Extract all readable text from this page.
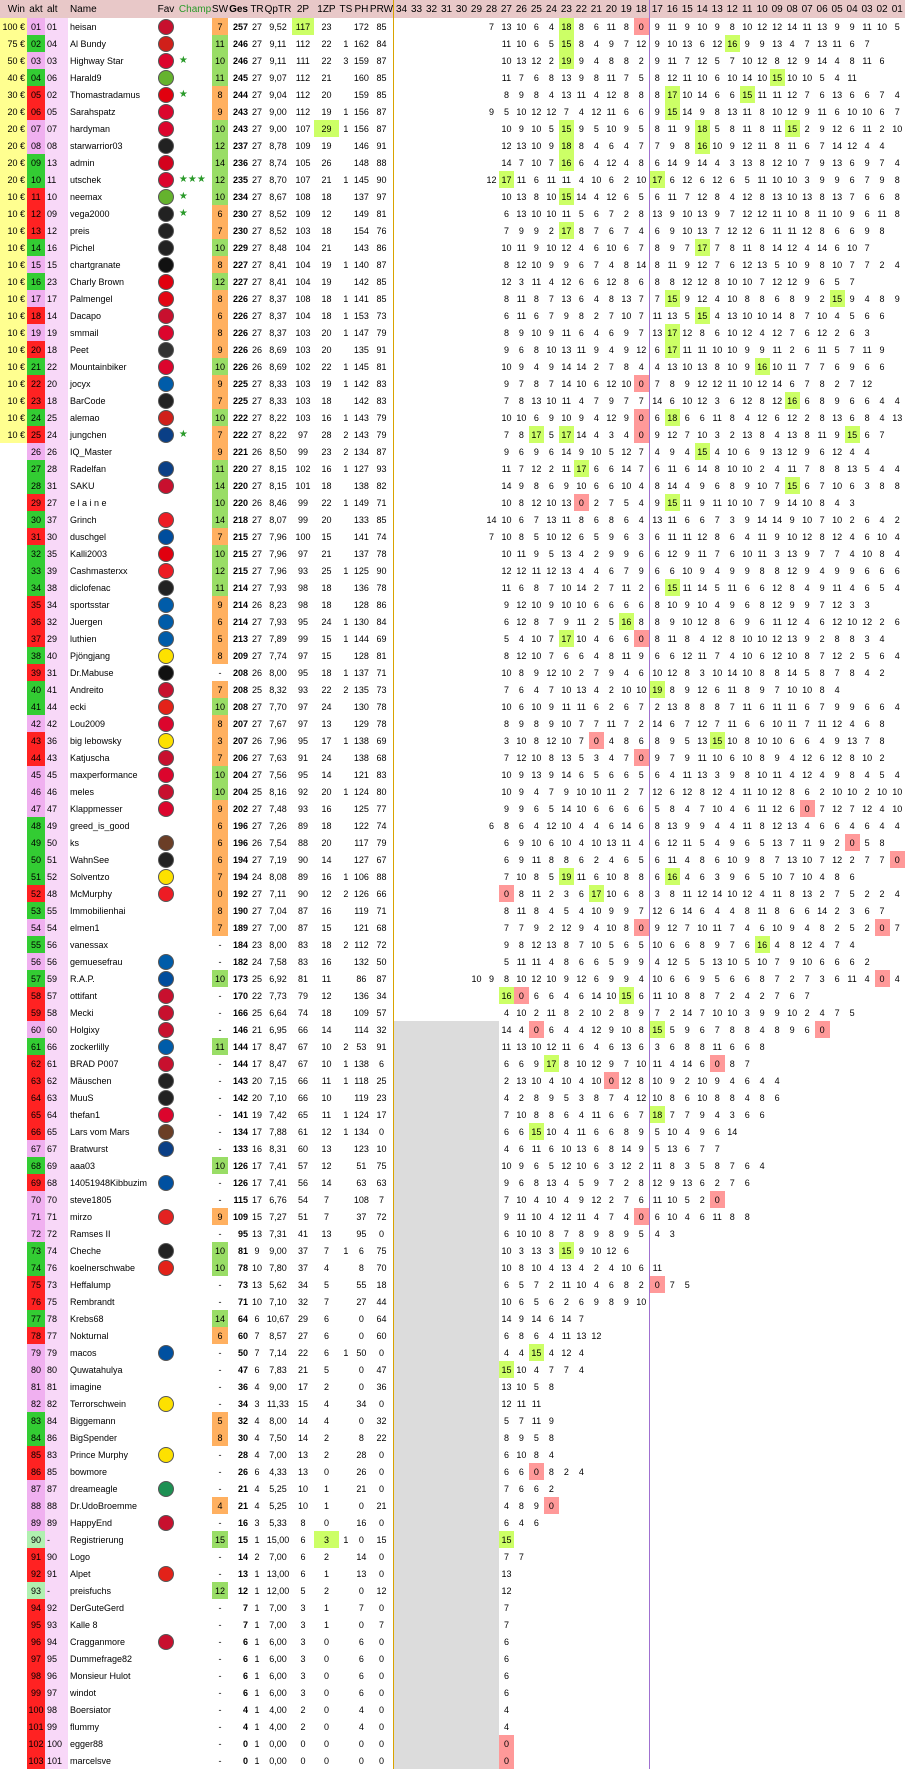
Win	akt	alt	Name	Fav	Champ	SW	Ges	TR	QpTR	2P	1ZP	TS	PH	PRW	34	33	32	31	30	29	28	27	26	25	24	23	22	21	20	19	18	17	16	15	14	13	12	11	10	09	08	07	06	05	04	03	02	01
100 €	01	01	heisan			7	257	27	9,52	117	23		172	85							7	13	10	6	4	18	8	6	11	8	0	9	11	9	10	9	8	10	12	12	14	11	13	9	9	11	10	5
75 €	02	04	Al Bundy			11	246	27	9,11	112	22	1	162	84								11	10	6	5	15	8	4	9	7	12	9	10	13	6	12	16	9	9	13	4	7	13	11	6	7		
50 €	03	03	Highway Star		★	10	246	27	9,11	111	22	3	159	87								10	13	12	2	19	9	4	8	8	2	9	11	7	12	5	7	10	12	8	12	9	14	4	8	11	6	
40 €	04	06	Harald9			11	245	27	9,07	112	21		160	85								11	7	6	8	13	9	8	11	7	5	8	12	11	10	6	10	14	10	15	10	10	5	4	11			
30 €	05	02	Thomastradamus		★	8	244	27	9,04	112	20		159	85								8	9	8	4	13	11	4	12	8	8	8	17	10	14	6	6	15	11	11	12	7	6	13	6	6	7	4
20 €	06	05	Sarahspatz			9	243	27	9,00	112	19	1	156	87							9	5	10	12	12	7	4	12	11	6	6	9	15	14	9	8	13	11	8	10	12	9	11	6	10	10	6	7
20 €	07	07	hardyman			10	243	27	9,00	107	29	1	156	87								10	9	10	5	15	9	5	10	9	5	8	11	9	18	5	8	11	8	11	15	2	9	12	6	11	2	10
20 €	08	08	starwarrior03			12	237	27	8,78	109	19		146	91								12	13	10	9	18	8	4	6	4	7	7	9	8	16	10	9	12	11	8	11	6	7	14	12	4	4	
20 €	09	13	admin			14	236	27	8,74	105	26		148	88								14	7	10	7	16	6	4	12	4	8	6	14	9	14	4	3	13	8	12	10	7	9	13	6	9	7	4
20 €	10	11	utschek		★★★	12	235	27	8,70	107	21	1	145	90							12	17	11	6	11	11	4	10	6	2	10	17	6	12	6	12	6	5	11	10	10	3	9	9	6	7	9	8
10 €	11	10	neemax		★	10	234	27	8,67	108	18		137	97								10	13	8	10	15	14	4	12	6	5	6	11	7	12	8	4	12	8	13	10	13	8	13	7	6	6	8
10 €	12	09	vega2000		★	6	230	27	8,52	109	12		149	81								6	13	10	10	11	5	6	7	2	8	13	9	10	13	9	7	12	12	11	10	8	11	10	9	6	11	8
10 €	13	12	preis			7	230	27	8,52	103	18		154	76								7	9	9	2	17	8	7	6	7	4	6	9	10	13	7	12	12	6	11	11	12	8	6	6	9	8	
10 €	14	16	Pichel			10	229	27	8,48	104	21		143	86								10	11	9	10	12	4	6	10	6	7	8	9	7	17	7	8	11	8	14	12	4	14	6	10	7		
10 €	15	15	chartgranate			8	227	27	8,41	104	19	1	140	87								8	12	10	9	9	6	7	4	8	14	8	11	9	12	7	6	12	13	5	10	9	8	10	7	7	2	4
10 €	16	23	Charly Brown			12	227	27	8,41	104	19		142	85								12	3	11	4	12	6	6	12	8	6	8	8	12	12	8	10	10	7	12	12	9	6	5	7			
10 €	17	17	Palmengel			8	226	27	8,37	108	18	1	141	85								8	11	8	7	13	6	4	8	13	7	7	15	9	12	4	10	8	8	6	8	9	2	15	9	4	8	9
10 €	18	14	Dacapo			6	226	27	8,37	104	18	1	153	73								6	11	6	7	9	8	2	7	10	7	11	13	5	15	4	13	10	10	14	8	7	10	4	5	6	6	
10 €	19	19	smmail			8	226	27	8,37	103	20	1	147	79								8	9	10	9	11	6	4	6	9	7	13	17	12	8	6	10	12	4	12	7	6	12	2	6	3		
10 €	20	18	Peet			9	226	26	8,69	103	20		135	91								9	6	8	10	13	11	9	4	9	12	6	17	11	11	10	10	9	9	11	2	6	11	5	7	11	9	
10 €	21	22	Mountainbiker			10	226	26	8,69	102	22	1	145	81								10	9	4	9	14	14	2	7	8	4	4	13	10	13	8	10	9	16	10	11	7	7	6	9	6	6	
10 €	22	20	jocyx			9	225	27	8,33	103	19	1	142	83								9	7	8	7	14	10	6	12	10	0	7	8	9	12	12	11	10	12	14	6	7	8	2	7	12		
10 €	23	18	BarCode			7	225	27	8,33	103	18		142	83								7	8	13	10	11	4	7	9	7	7	14	6	10	12	3	6	12	8	12	16	6	8	9	6	6	4	4
10 €	24	25	alemao			10	222	27	8,22	103	16	1	143	79								10	10	6	9	10	9	4	12	9	0	6	18	6	6	11	8	4	12	6	12	2	8	13	6	8	4	13
10 €	25	24	jungchen		★	7	222	27	8,22	97	28	2	143	79								7	8	17	5	17	14	4	3	4	0	9	12	7	10	3	2	13	8	4	13	8	11	9	15	6	7	
	26	26	IQ_Master			9	221	26	8,50	99	23	2	134	87								9	6	9	6	14	9	10	5	12	7	4	9	4	15	4	10	6	9	13	12	9	6	12	4	4		
	27	28	Radelfan			11	220	27	8,15	102	16	1	127	93								11	7	12	2	11	17	6	6	14	7	6	11	6	14	8	10	10	2	4	11	7	8	8	13	5	4	4
	28	31	SAKU			14	220	27	8,15	101	18		138	82								14	9	8	6	9	10	6	6	10	4	8	14	4	9	6	8	9	10	7	15	6	7	10	6	3	8	8
	29	27	e l a i n e			10	220	26	8,46	99	22	1	149	71								10	8	12	10	13	0	2	7	5	4	9	15	11	9	11	10	10	7	9	14	10	8	4	3			
	30	37	Grinch			14	218	27	8,07	99	20		133	85							14	10	6	7	13	11	8	6	8	6	4	13	11	6	6	7	3	9	14	14	9	10	7	10	2	6	4	2
	31	30	duschgel			7	215	27	7,96	100	15		141	74							7	10	8	5	10	12	6	5	9	6	3	6	11	11	12	8	6	4	11	9	10	12	8	12	4	6	10	4
	32	35	Kalli2003			10	215	27	7,96	97	21		137	78								10	11	9	5	13	4	2	9	9	6	6	12	9	11	7	6	10	11	3	13	9	7	7	4	10	8	4
	33	39	Cashmasterxx			12	215	27	7,96	93	25	1	125	90								12	12	11	12	13	4	4	6	7	9	6	6	10	9	4	9	9	8	8	12	9	4	9	9	6	6	6
	34	38	diclofenac			11	214	27	7,93	98	18		136	78								11	6	8	7	10	14	2	7	11	2	6	15	11	14	5	11	6	6	12	8	4	9	11	4	6	5	4
	35	34	sportsstar			9	214	26	8,23	98	18		128	86								9	12	10	9	10	10	6	6	6	6	8	10	9	10	4	9	6	8	12	9	9	7	12	3	3		
	36	32	Juergen			6	214	27	7,93	95	24	1	130	84								6	12	8	7	9	11	2	5	16	8	8	9	10	12	8	6	9	6	11	12	4	6	12	10	12	2	6
	37	29	luthien			5	213	27	7,89	99	15	1	144	69								5	4	10	7	17	10	4	6	6	0	8	11	8	4	12	8	10	10	12	13	9	2	8	8	3	4	
	38	40	Pjöngjang			8	209	27	7,74	97	15		128	81								8	12	10	7	6	6	4	8	11	9	6	6	12	11	7	4	10	6	12	10	8	7	12	2	5	6	4
	39	31	Dr.Mabuse			-	208	26	8,00	95	18	1	137	71								10	8	9	12	10	2	7	9	4	6	10	12	8	3	10	14	10	8	8	14	5	8	7	8	4	2	
	40	41	Andreito			7	208	25	8,32	93	22	2	135	73								7	6	4	7	10	13	4	2	10	10	19	8	9	12	6	11	8	9	7	10	10	8	4				
	41	44	ecki			10	208	27	7,70	97	24		130	78								10	6	10	9	11	11	6	2	6	7	2	13	8	8	8	7	11	6	11	11	6	7	9	9	6	6	4
	42	42	Lou2009			8	207	27	7,67	97	13		129	78								8	9	8	9	10	7	7	11	7	2	14	6	7	12	7	11	6	6	10	11	7	11	12	4	6	8	
	43	36	big lebowsky			3	207	26	7,96	95	17	1	138	69								3	10	8	12	10	7	0	4	8	6	8	9	5	13	15	10	8	10	10	6	6	4	9	13	7	8	
	44	43	Katjuscha			7	206	27	7,63	91	24		138	68								7	12	10	8	13	5	3	4	7	0	9	7	9	11	10	6	10	8	9	4	12	6	12	8	10	2	
	45	45	maxperformance			10	204	27	7,56	95	14		121	83								10	9	13	9	14	6	5	6	6	5	6	4	11	13	3	9	8	10	11	4	12	4	9	8	4	5	4
	46	46	meles			10	204	25	8,16	92	20	1	124	80								10	9	4	7	9	10	10	11	2	7	12	6	12	8	12	4	11	10	12	8	6	2	10	10	2	10	10
	47	47	Klappmesser			9	202	27	7,48	93	16		125	77								9	9	6	5	14	10	6	6	6	6	5	8	4	7	10	4	6	11	12	6	0	7	12	7	12	4	10
	48	49	greed_is_good			6	196	27	7,26	89	18		122	74							6	8	6	4	12	10	4	4	6	14	6	8	13	9	9	4	4	11	8	12	13	4	6	6	4	6	4	4
	49	50	ks			6	196	26	7,54	88	20		117	79								6	9	10	6	10	4	10	13	11	4	6	12	11	5	4	9	6	5	13	7	11	9	2	0	5	8	
	50	51	WahnSee			6	194	27	7,19	90	14		127	67								6	9	11	8	8	6	2	4	6	5	6	11	4	8	6	10	9	8	7	13	10	7	12	2	7	7	0
	51	52	Solventzo			7	194	24	8,08	89	16	1	106	88								7	10	8	5	19	11	6	10	8	8	6	16	4	6	3	9	6	5	10	7	10	4	8	6			
	52	48	McMurphy			0	192	27	7,11	90	12	2	126	66								0	8	11	2	3	6	17	10	6	8	3	8	11	12	14	10	12	4	11	8	13	2	7	5	2	2	4
	53	55	Immobilienhai			8	190	27	7,04	87	16		119	71								8	11	8	4	5	4	10	9	9	7	12	6	14	6	4	4	8	11	8	6	6	14	2	3	6	7	
	54	54	elmen1			7	189	27	7,00	87	15		121	68								7	7	9	2	12	9	4	10	8	0	9	12	7	10	11	7	4	6	10	9	4	8	2	5	2	0	7
	55	56	vanessax			-	184	23	8,00	83	18	2	112	72								9	8	12	13	8	7	10	5	6	5	10	6	6	8	9	7	6	16	4	8	12	4	7	4			
	56	56	gemuesefrau			-	182	24	7,58	83	16		132	50								5	11	11	4	8	6	6	5	9	9	4	12	5	5	13	10	5	10	7	9	10	6	6	6	2		
	57	59	R.A.P.			10	173	25	6,92	81	11		86	87						10	9	8	10	12	10	9	12	6	9	9	4	10	6	6	9	5	6	6	8	7	2	7	3	6	11	4	0	4
	58	57	ottifant			-	170	22	7,73	79	12		136	34								16	0	6	6	4	6	14	10	15	6	11	10	8	8	7	2	4	2	7	6	7						
	59	58	Mecki			-	166	25	6,64	74	18		109	57								4	10	2	11	8	2	10	2	8	9	7	2	14	7	10	10	3	9	9	10	2	4	7	5			
	60	60	Holgixy			-	146	21	6,95	66	14		114	32								14	4	0	6	4	4	12	9	10	8	15	5	9	6	7	8	8	4	8	9	6	0					
	61	66	zockerlilly			11	144	17	8,47	67	10	2	53	91								11	13	10	12	11	6	4	6	13	6	3	6	8	8	11	6	6	8									
	62	61	BRAD P007			-	144	17	8,47	67	10	1	138	6								6	6	9	17	8	10	12	9	7	10	11	4	14	6	0	8	7										
	63	62	Mäuschen			-	143	20	7,15	66	11	1	118	25								2	13	10	4	10	4	10	0	12	8	10	9	2	10	9	4	6	4	4								
	64	63	MuuS			-	142	20	7,10	66	10		119	23								4	2	8	9	5	3	8	7	4	12	10	8	6	10	8	8	4	8	6								
	65	64	thefan1			-	141	19	7,42	65	11	1	124	17								7	10	8	8	6	4	11	6	6	7	18	7	7	9	4	3	6	6									
	66	65	Lars vom Mars			-	134	17	7,88	61	12	1	134	0								6	6	15	10	4	11	6	6	8	9	5	10	4	9	6	14											
	67	67	Bratwurst			-	133	16	8,31	60	13		123	10								4	6	11	6	10	13	6	8	14	9	5	13	6	7	7												
	68	69	aaa03			10	126	17	7,41	57	12		51	75								10	9	6	5	12	10	6	3	12	2	11	8	3	5	8	7	6	4									
	69	68	14051948Kibbuzim			-	126	17	7,41	56	14		63	63								9	6	8	13	4	5	9	7	2	8	12	9	13	6	2	7	6										
	70	70	steve1805			-	115	17	6,76	54	7		108	7								7	10	4	10	4	9	12	2	7	6	11	10	5	2	0												
	71	71	mirzo			9	109	15	7,27	51	7		37	72								9	11	10	4	12	11	4	7	4	0	6	10	4	6	11	8	8										
	72	72	Ramses II			-	95	13	7,31	41	13		95	0								6	10	10	8	7	8	9	8	9	5	4	3															
	73	74	Cheche			10	81	9	9,00	37	7	1	6	75								10	3	13	3	15	9	10	12	6																		
	74	76	koelnerschwabe			10	78	10	7,80	37	4		8	70								10	8	10	4	13	4	2	4	10	6	11																
	75	73	Heffalump			-	73	13	5,62	34	5		55	18								6	5	7	2	11	10	4	6	8	2	0	7	5														
	76	75	Rembrandt			-	71	10	7,10	32	7		27	44								10	6	5	6	2	6	9	8	9	10																	
	77	78	Krebs68			14	64	6	10,67	29	6		0	64								14	9	14	6	14	7																					
	78	77	Nokturnal			6	60	7	8,57	27	6		0	60								6	8	6	4	11	13	12																				
	79	79	macos			-	50	7	7,14	22	6	1	50	0								4	4	15	4	12	4																					
	80	80	Quwatahulya			-	47	6	7,83	21	5		0	47								15	10	4	7	7	4																					
	81	81	imagine			-	36	4	9,00	17	2		0	36								13	10	5	8																							
	82	82	Terrorschwein			-	34	3	11,33	15	4		34	0								12	11	11																								
	83	84	Biggemann			5	32	4	8,00	14	4		0	32								5	7	11	9																							
	84	86	BigSpender			8	30	4	7,50	14	2		8	22								8	9	5	8																							
	85	83	Prince Murphy			-	28	4	7,00	13	2		28	0								6	10	8	4																							
	86	85	bowmore			-	26	6	4,33	13	0		26	0								6	6	0	8	2	4																					
	87	87	dreameagle			-	21	4	5,25	10	1		21	0								7	6	6	2																							
	88	88	Dr.UdoBroemme			4	21	4	5,25	10	1		0	21								4	8	9	0																							
	89	89	HappyEnd			-	16	3	5,33	8	0		16	0								6	4	6																								
	90	-	Registrierung			15	15	1	15,00	6	3	1	0	15								15																										
	91	90	Logo			-	14	2	7,00	6	2		14	0								7	7																									
	92	91	Alpet			-	13	1	13,00	6	1		13	0								13																										
	93	-	preisfuchs			12	12	1	12,00	5	2		0	12								12																										
	94	92	DerGuteGerd			-	7	1	7,00	3	1		7	0								7																										
	95	93	Kalle 8			-	7	1	7,00	3	1		0	7								7																										
	96	94	Cragganmore			-	6	1	6,00	3	0		6	0								6																										
	97	95	Dummefrage82			-	6	1	6,00	3	0		6	0								6																										
	98	96	Monsieur Hulot			-	6	1	6,00	3	0		6	0								6																										
	99	97	windot			-	6	1	6,00	3	0		6	0								6																										
	100	98	Boersiator			-	4	1	4,00	2	0		4	0								4																										
	101	99	flummy			-	4	1	4,00	2	0		4	0								4																										
	102	100	egger88			-	0	1	0,00	0	0		0	0								0																										
	103	101	marcelsve			-	0	1	0,00	0	0		0	0								0																										
